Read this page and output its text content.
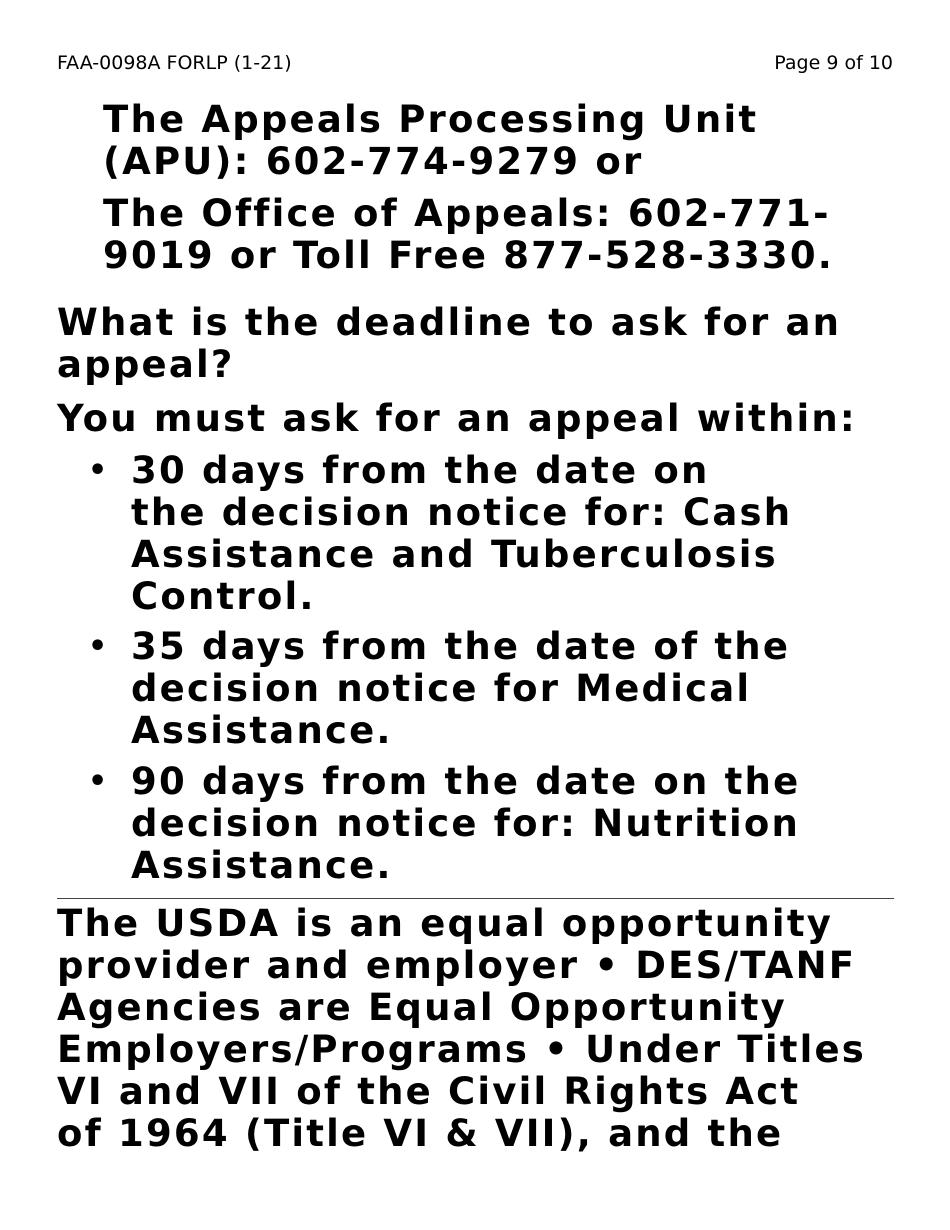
FAA-0098A FORLP (1-21)	Page 9 of 10
The Appeals Processing Unit
(APU): 602-774-9279 or
The Office of Appeals: 602-771-
9019 or Toll Free 877-528-3330.
What is the deadline to ask for an
appeal?
You must ask for an appeal within:
• 30 days from the date on
the decision notice for: Cash
Assistance and Tuberculosis
Control.
• 35 days from the date of the
decision notice for Medical
Assistance.
• 90 days from the date on the
decision notice for: Nutrition
Assistance.
The USDA is an equal opportunity
provider and employer • DES/TANF
Agencies are Equal Opportunity
Employers/Programs • Under Titles
VI and VII of the Civil Rights Act
of 1964 (Title VI & VII), and the
